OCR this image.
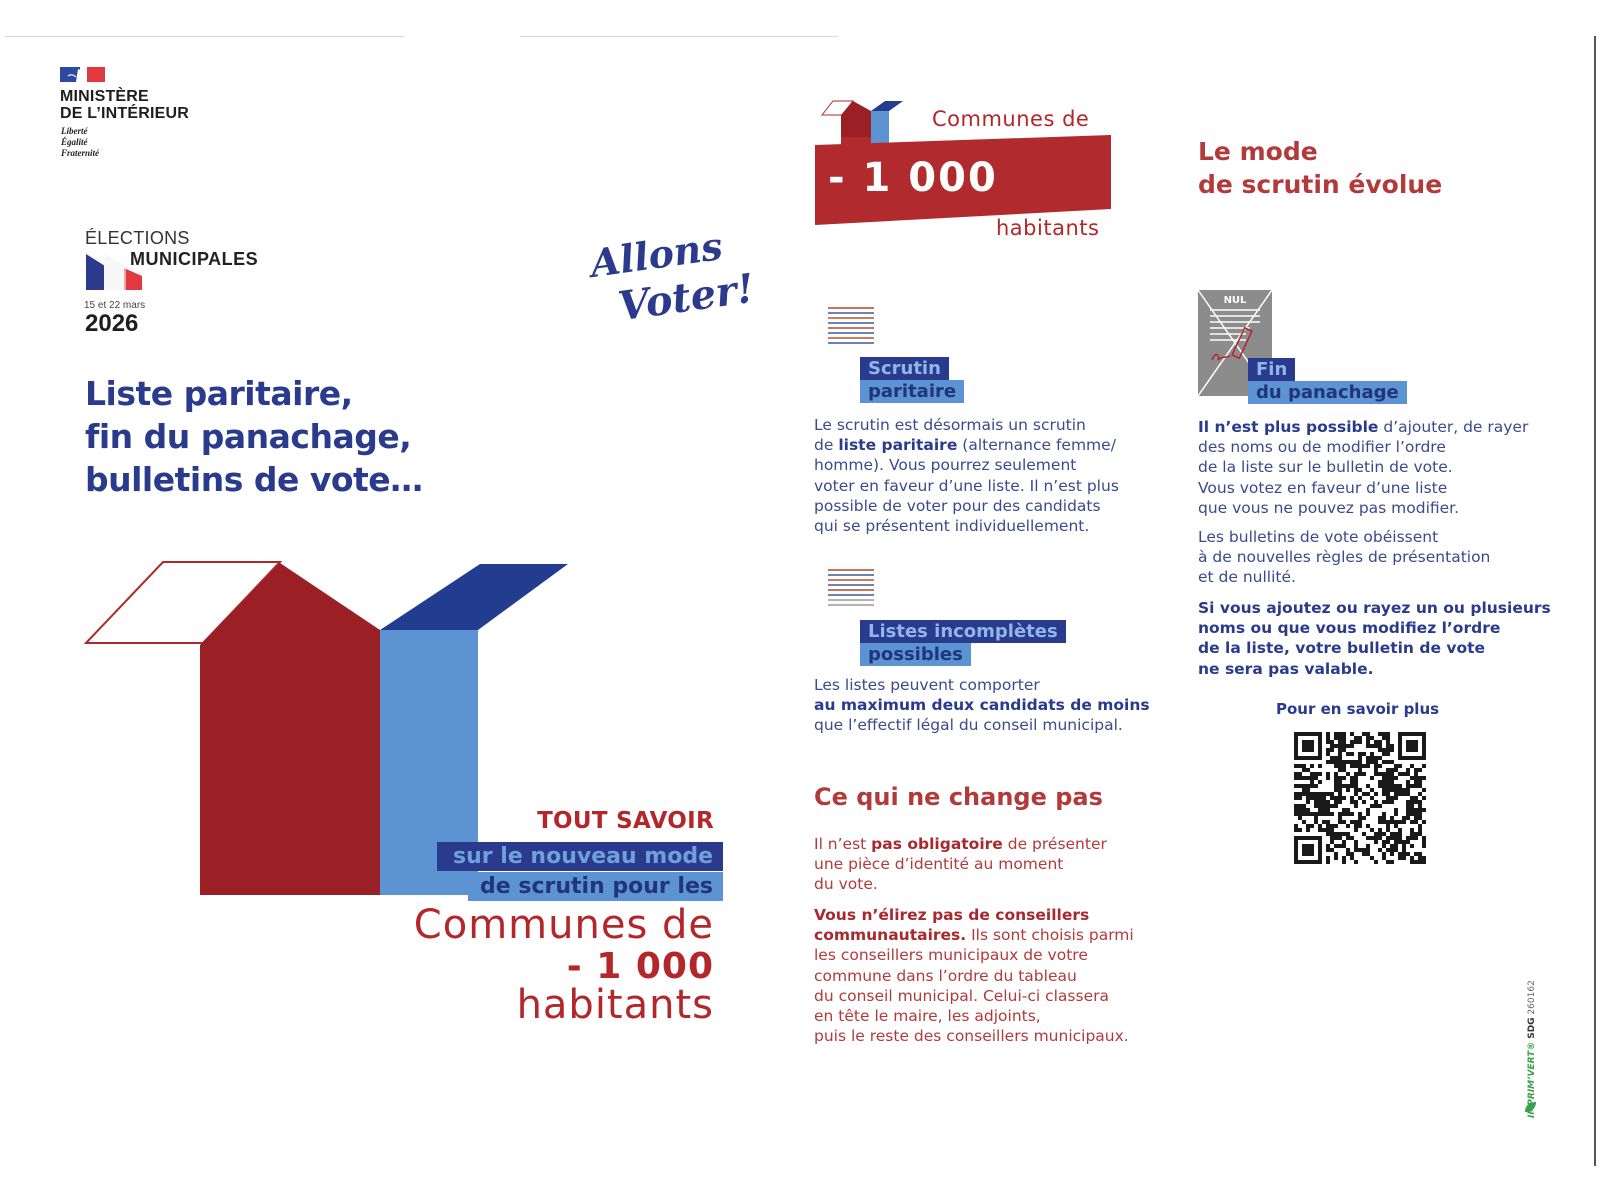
MINISTÈRE
DE L’INTÉRIEUR
Liberté
Égalité
Fraternité
ÉLECTIONS
MUNICIPALES
15 et 22 mars
2026
Allons
Voter!
Liste paritaire,
fin du panachage,
bulletins de vote…
TOUT SAVOIR
sur le nouveau mode
de scrutin pour les
Communes de
- 1 000
habitants
Communes de
- 1 000
habitants
Le mode
de scrutin évolue
Scrutin
paritaire
Le scrutin est désormais un scrutin
de liste paritaire (alternance femme/
homme). Vous pourrez seulement
voter en faveur d’une liste. Il n’est plus
possible de voter pour des candidats
qui se présentent individuellement.
Listes incomplètes
possibles
Les listes peuvent comporter
au maximum deux candidats de moins
que l’effectif légal du conseil municipal.
Ce qui ne change pas
Il n’est pas obligatoire de présenter
une pièce d’identité au moment
du vote.
Vous n’élirez pas de conseillers
communautaires. Ils sont choisis parmi
les conseillers municipaux de votre
commune dans l’ordre du tableau
du conseil municipal. Celui-ci classera
en tête le maire, les adjoints,
puis le reste des conseillers municipaux.
NUL
Fin
du panachage
Il n’est plus possible d’ajouter, de rayer
des noms ou de modifier l’ordre
de la liste sur le bulletin de vote.
Vous votez en faveur d’une liste
que vous ne pouvez pas modifier.
Les bulletins de vote obéissent
à de nouvelles règles de présentation
et de nullité.
Si vous ajoutez ou rayez un ou plusieurs
noms ou que vous modifiez l’ordre
de la liste, votre bulletin de vote
ne sera pas valable.
Pour en savoir plus
IMPRIM’VERT® SDG 260162
